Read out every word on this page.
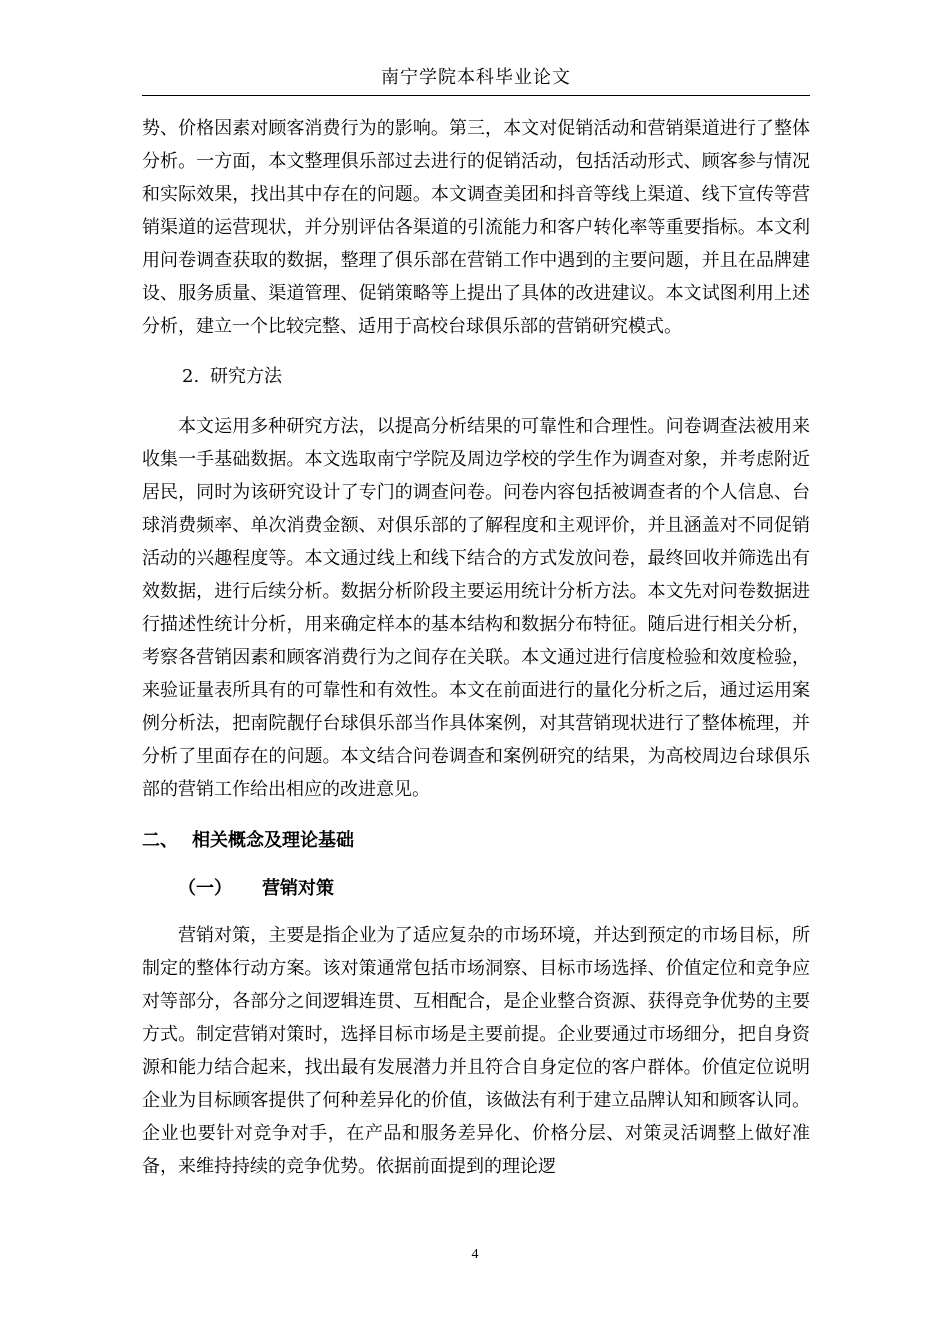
南宁学院本科毕业论文

势、价格因素对顾客消费行为的影响。第三，本文对促销活动和营销渠道进行了整体分析。一方面，本文整理俱乐部过去进行的促销活动，包括活动形式、顾客参与情况和实际效果，找出其中存在的问题。本文调查美团和抖音等线上渠道、线下宣传等营销渠道的运营现状，并分别评估各渠道的引流能力和客户转化率等重要指标。本文利用问卷调查获取的数据，整理了俱乐部在营销工作中遇到的主要问题，并且在品牌建设、服务质量、渠道管理、促销策略等上提出了具体的改进建议。本文试图利用上述分析，建立一个比较完整、适用于高校台球俱乐部的营销研究模式。

2. 研究方法

本文运用多种研究方法，以提高分析结果的可靠性和合理性。问卷调查法被用来收集一手基础数据。本文选取南宁学院及周边学校的学生作为调查对象，并考虑附近居民，同时为该研究设计了专门的调查问卷。问卷内容包括被调查者的个人信息、台球消费频率、单次消费金额、对俱乐部的了解程度和主观评价，并且涵盖对不同促销活动的兴趣程度等。本文通过线上和线下结合的方式发放问卷，最终回收并筛选出有效数据，进行后续分析。数据分析阶段主要运用统计分析方法。本文先对问卷数据进行描述性统计分析，用来确定样本的基本结构和数据分布特征。随后进行相关分析，考察各营销因素和顾客消费行为之间存在关联。本文通过进行信度检验和效度检验，来验证量表所具有的可靠性和有效性。本文在前面进行的量化分析之后，通过运用案例分析法，把南院靓仔台球俱乐部当作具体案例，对其营销现状进行了整体梳理，并分析了里面存在的问题。本文结合问卷调查和案例研究的结果，为高校周边台球俱乐部的营销工作给出相应的改进意见。

二、 相关概念及理论基础
（一） 营销对策

营销对策，主要是指企业为了适应复杂的市场环境，并达到预定的市场目标，所制定的整体行动方案。该对策通常包括市场洞察、目标市场选择、价值定位和竞争应对等部分，各部分之间逻辑连贯、互相配合，是企业整合资源、获得竞争优势的主要方式。制定营销对策时，选择目标市场是主要前提。企业要通过市场细分，把自身资源和能力结合起来，找出最有发展潜力并且符合自身定位的客户群体。价值定位说明企业为目标顾客提供了何种差异化的价值，该做法有利于建立品牌认知和顾客认同。企业也要针对竞争对手，在产品和服务差异化、价格分层、对策灵活调整上做好准备，来维持持续的竞争优势。依据前面提到的理论逻

4
